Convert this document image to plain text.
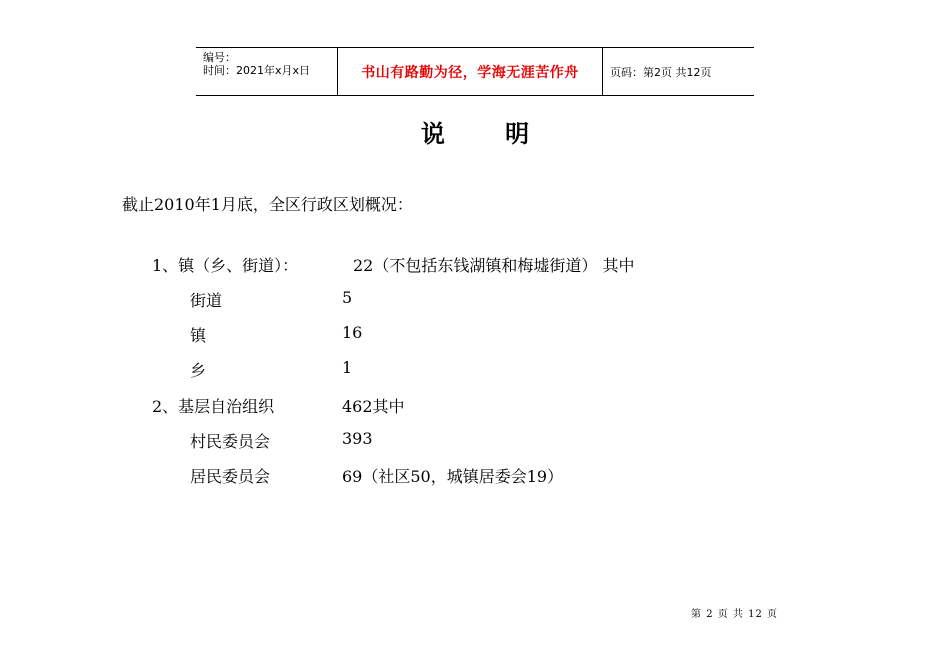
编号：
时间：2021年x月x日	书山有路勤为径，学海无涯苦作舟	页码：第2页 共12页
说 明
截止2010年1月底，全区行政区划概况：
1、镇（乡、街道）：	22（不包括东钱湖镇和梅墟街道） 其中
街道	5
镇	16
乡	1
2、基层自治组织	462其中
村民委员会	393
居民委员会	69（社区50，城镇居委会19）
第 2 页 共 12 页
